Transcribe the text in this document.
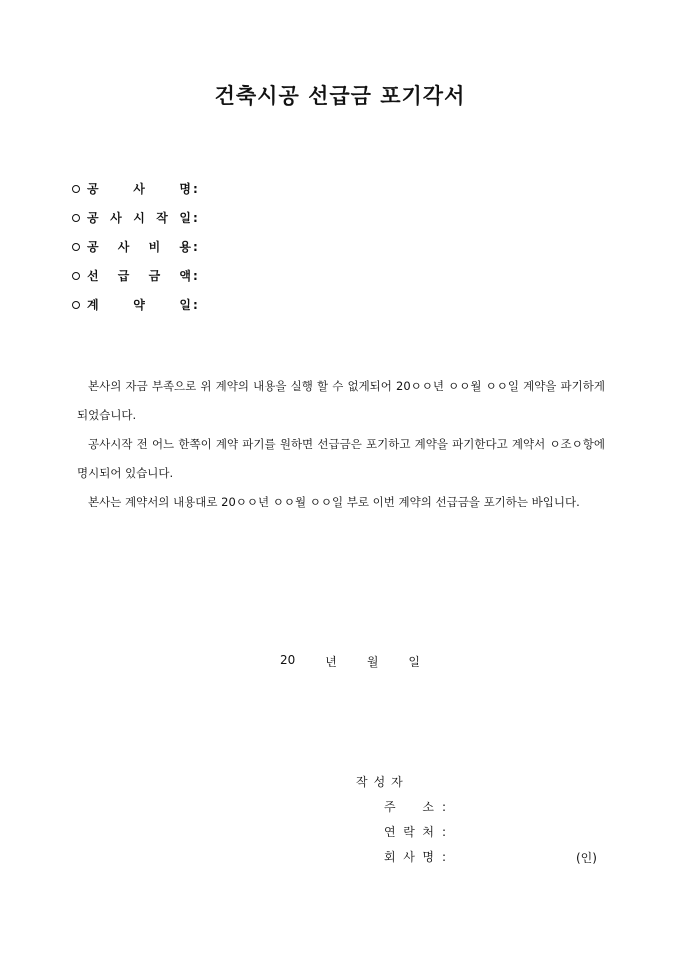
건축시공 선급금 포기각서
공	사	명 :
공 사 시 작 일 :
공 사 비 용 :
선 급 금 액 :
계	약	일 :
본사의 자금 부족으로 위 계약의 내용을 실행 할 수 없게되어 20ㅇㅇ년 ㅇㅇ월 ㅇㅇ일 계약을 파기하게 되었습니다.
공사시작 전 어느 한쪽이 계약 파기를 원하면 선급금은 포기하고 계약을 파기한다고 계약서 ㅇ조ㅇ항에 명시되어 있습니다.
본사는 계약서의 내용대로 20ㅇㅇ년 ㅇㅇ월 ㅇㅇ일 부로 이번 계약의 선급금을 포기하는 바입니다.
20 년 월 일
작성자
주 소 :
연 락 처 :
회 사 명 :	(인)
